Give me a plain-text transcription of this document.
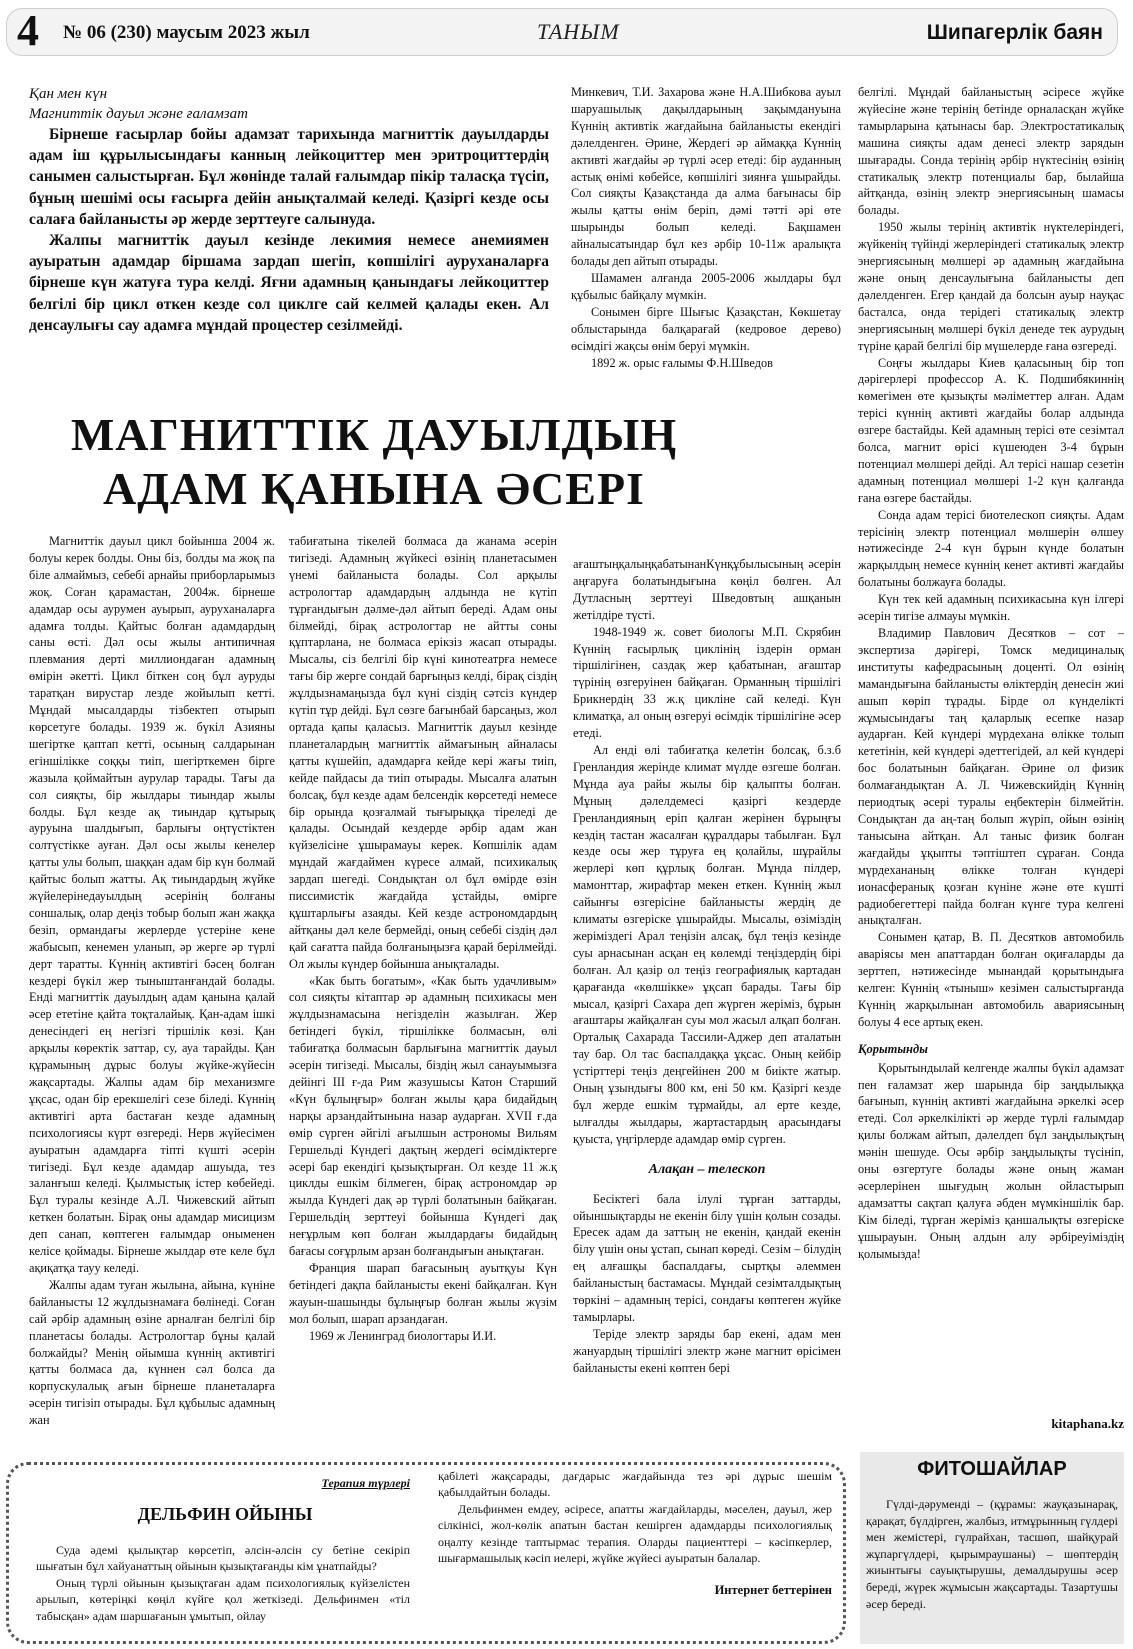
4 № 06 (230) маусым 2023 жыл	ТАНЫМ	Шипагерлік баян
Қан мен күн
Магниттік дауыл және ғаламзат

Бірнеше ғасырлар бойы адамзат тарихында магниттік дауылдарды адам іш құрылысындағы канның лейкоциттер мен эритроциттердің санымен салыстырған. Бұл жөнінде талай ғалымдар пікір таласқа түсіп, бұның шешімі осы ғасырға дейін анықталмай келеді. Қазіргі кезде осы салаға байланысты әр жерде зерттеуге салынуда.

Жалпы магниттік дауыл кезінде лекимия немесе анемиямен ауыратын адамдар біршама зардап шегіп, көпшілігі ауруханаларға бірнеше күн жатуға тура келді. Яғни адамның қанындағы лейкоциттер белгілі бір цикл өткен кезде сол циклге сай келмей қалады екен. Ал денсаулығы сау адамға мұндай процестер сезілмейді.

Минкевич, Т.И. Захарова және Н.А.Шибкова ауыл шаруашылық дақылдарының зақымдануына Күннің активтік жағдайына байланысты екендігі дәлелденген. Әрине, Жердегі әр аймаққа Күннің активті жағдайы әр түрлі әсер етеді: бір ауданның астық өнімі көбейсе, көпшілігі зиянға ұшырайды. Сол сияқты Қазақстанда да алма бағынасы бір жылы қатты өнім беріп, дәмі тәтті әрі өте шырынды болып келеді. Бақшамен айналысатындар бұл кез әрбір 10-11ж аралықта болады деп айтып отырады.

Шамамен алғанда 2005-2006 жылдары бұл құбылыс байқалу мүмкін.

Сонымен бірге Шығыс Қазақстан, Көкшетау облыстарында балқарағай (кедровое дерево) өсімдігі жақсы өнім беруі мүмкін.

1892 ж. орыс ғалымы Ф.Н.Шведов

МАГНИТТІК ДАУЫЛДЫҢ
АДАМ ҚАНЫНА ӘСЕРІ

Магниттік дауыл цикл бойынша 2004 ж. болуы керек болды. Оны біз, болды ма жоқ па біле алмаймыз, себебі арнайы приборларымыз жоқ. Соған қарамастан, 2004ж. бірнеше адамдар осы аурумен ауырып, ауруханаларға адамға толды. Қайтыс болған адамдардың саны өсті. Дәл осы жылы антипичная плевмания дерті миллиондаған адамның өмірін әкетті. Цикл біткен соң бұл ауруды таратқан вирустар лезде жойылып кетті. Мұндай мысалдарды тізбектеп отырып көрсетуге болады. 1939 ж. бүкіл Азияны шегіртке қаптап кетті, осының салдарынан егіншілікке соққы тиіп, шегірткемен бірге жазыла қоймайтын аурулар тарады. Тағы да сол сияқты, бір жылдары тиындар жылы болды. Бұл кезде ақ тиындар құтырық ауруына шалдығып, барлығы оңтүстіктен солтүстікке ауған. Дәл осы жылы кенелер қатты улы болып, шаққан адам бір күн болмай қайтыс болып жатты. Ақ тиындардың жүйке жүйелерінедауылдың әсерінің болғаны соншалық, олар деңіз тобыр болып жан жаққа безіп, ормандағы жерлерде үстеріне кене жабысып, кенемен уланып, әр жерге әр түрлі дерт таратты. Күннің активтігі бәсең болған кездері бүкіл жер тыныштанғандай болады. Енді магниттік дауылдың адам қанына қалай әсер ететіне қайта тоқталайық. Қан-адам ішкі денесіндегі ең негізгі тіршілік көзі. Қан арқылы көректік заттар, су, ауа тарайды. Қан құрамының дұрыс болуы жүйке-жүйесін жақсартады. Жалпы адам бір механизмге ұқсас, одан бір ерекшелігі сезе біледі. Күннің активтігі арта бастаған кезде адамның психологиясы күрт өзгереді. Нерв жүйесімен ауыратын адамдарға тіпті күшті әсерін тигізеді. Бұл кезде адамдар ашуыда, тез заланғыш келеді. Қылмыстық істер көбейеді. Бұл туралы кезінде А.Л. Чижевский айтып кеткен болатын. Бірақ оны адамдар мисицизм деп санап, көптеген ғалымдар оныменен келісе қоймады. Бірнеше жылдар өте келе бұл ақиқатқа тауу келеді.

Жалпы адам туған жылына, айына, күніне байланысты 12 жұлдызнамаға бөлінеді. Соған сай әрбір адамның өзіне арналған белгілі бір планетасы болады. Астрологтар бұны қалай болжайды? Менің ойымша күннің активтігі қатты болмаса да, күннен сәл болса да корпускулалық ағын бірнеше планеталарға әсерін тигізіп отырады. Бұл құбылыс адамның жан

табиғатына тікелей болмаса да жанама әсерін тигізеді. Адамның жүйкесі өзінің планетасымен үнемі байланыста болады. Сол арқылы астрологтар адамдардың алдында не күтіп тұрғандығын дәлме-дәл айтып береді. Адам оны білмейді, бірақ астрологтар не айтты соны құптарлана, не болмаса ерікзіз жасап отырады. Мысалы, сіз белгілі бір күні кинотеатрға немесе тағы бір жерге сондай барғыңыз келді, бірақ сіздің жұлдызнамаңызда бұл күні сіздің сәтсіз күндер күтіп тұр дейді. Бұл сөзге бағынбай барсаңыз, жол ортада қапы қаласыз. Магниттік дауыл кезінде планеталардың магниттік аймағының айналасы қатты күшейіп, адамдарға кейде кері жағы тиіп, кейде пайдасы да тиіп отырады. Мысалға алатын болсақ, бұл кезде адам белсендік көрсетеді немесе бір орында қозғалмай тығырыққа тіреледі де қалады. Осындай кездерде әрбір адам жан күйзелісіне ұшырамауы керек. Көпшілік адам мұндай жағдаймен күресе алмай, психикалық зардап шегеді. Сондықтан ол бұл өмірде өзін писсимистік жағдайда ұстайды, өмірге құштарлығы азаяды. Кей кезде астрономдардың айтқаны дәл келе бермейді, оның себебі сіздің дәл қай сағатта пайда болғаныңызға қарай берілмейді. Ол жылы күндер бойынша анықталады.

«Как быть богатым», «Как быть удачливым» сол сияқты кітаптар әр адамның психикасы мен жұлдызнамасына негізделін жазылған. Жер бетіндегі бүкіл, тіршілікке болмасын, өлі табиғатқа болмасын барлығына магниттік дауыл әсерін тигізеді. Мысалы, біздің жыл санауымызға дейінгі ІІІ ғ-да Рим жазушысы Катон Старший «Күн бұлыңғыр» болған жылы қара бидайдың нарқы арзандайтынына назар аударған. ХVІІ ғ.да өмір сүрген әйгілі ағылшын астрономы Вильям Гершельді Күндегі дақтың жердегі өсімдіктерге әсері бар екендігі қызықтырған. Ол кезде 11 ж.қ циклды ешкім білмеген, бірақ астрономдар әр жылда Күндегі дақ әр түрлі болатынын байқаған. Гершельдің зерттеуі бойынша Күндегі дақ неғұрлым көп болған жылдардағы бидайдың бағасы соғұрлым арзан болғандығын анықтаған.

Франция шарап бағасының ауытқуы Күн бетіндегі дақпа байланысты екені байқалған. Күн жауын-шашынды бұлыңғыр болған жылы жүзім мол болып, шарап арзандаған.

1969 ж Ленинград биологтары И.И.

ағаштыңқалыңқабатынанКүнқұбылысының әсерін аңғаруға болатындығына көңіл бөлген. Ал Дутласның зерттеуі Шведовтың ашқанын жетілдіре түсті.

1948-1949 ж. совет биологы М.П. Скрябин Күннің ғасырлық циклінің іздерін орман тіршілігінен, саздақ жер қабатынан, ағаштар түрінің өзгеруінен байқаған. Орманның тіршілігі Брикнердің 33 ж.қ цикліне сай келеді. Күн климатқа, ал оның өзгеруі өсімдік тіршілігіне әсер етеді.

Ал енді өлі табиғатқа келетін болсақ, б.з.б Гренландия жерінде климат мүлде өзгеше болған. Мұнда ауа райы жылы бір қалыпты болған. Мұның дәлелдемесі қазіргі кездерде Гренландияның еріп қалған жерінен бұрыңғы кездің тастан жасалған құралдары табылған. Бұл кезде осы жер тұруға ең қолайлы, шұрайлы жерлері көп құрлық болған. Мұнда пілдер, мамонттар, жирафтар мекен еткен. Күннің жыл сайынғы өзгерісіне байланысты жердің де климаты өзгеріске ұшырайды. Мысалы, өзіміздің жеріміздегі Арал теңізін алсақ, бұл теңіз кезінде суы арнасынан асқан ең көлемді теңіздердің бірі болған. Ал қазір ол теңіз географиялық картадан қарағанда «көлшікке» ұқсап барады. Тағы бір мысал, қазіргі Сахара деп жүрген жеріміз, бұрын ағаштары жайқалған суы мол жасыл алқап болған. Орталық Сахарада Тассили-Аджер деп аталатын тау бар. Ол тас баспалдаққа ұқсас. Оның кейбір үстірттері теңіз деңгейінен 200 м биікте жатыр. Оның ұзындығы 800 км, ені 50 км. Қазіргі кезде бұл жерде ешкім тұрмайды, ал ерте кезде, ылғалды жылдары, жартастардың арасындағы қуыста, үңгірлерде адамдар өмір сүрген.

Алақан – телескоп

Бесіктегі бала ілулі тұрған заттарды, ойыншықтарды не екенін білу үшін қолын созады. Ересек адам да заттың не екенін, қандай екенін білу үшін оны ұстап, сынап көреді. Сезім – білудің ең алғашқы баспалдағы, сыртқы әлеммен байланыстың бастамасы. Мұндай сезімталдықтың төркіні – адамның терісі, сондағы көптеген жүйке тамырлары.

Теріде электр заряды бар екені, адам мен жануардың тіршілігі электр және магнит өрісімен байланысты екені көптен бері

белгілі. Мұндай байланыстың әсіресе жүйке жүйесіне және терінің бетінде орналасқан жүйке тамырларына қатынасы бар. Электростатикалық машина сияқты адам денесі электр зарядын шығарады. Сонда терінің әрбір нүктесінің өзінің статикалық электр потенциалы бар, былайша айтқанда, өзінің электр энергиясының шамасы болады.

1950 жылы терінің активтік нүктелеріндегі, жүйкенің түйінді жерлеріндегі статикалық электр энергиясының мөлшері әр адамның жағдайына және оның денсаулығына байланысты деп дәлелденген. Егер қандай да болсын ауыр науқас басталса, онда терідегі статикалық электр энергиясының мөлшері бүкіл денеде тек аурудың түріне қарай белгілі бір мүшелерде ғана өзгереді.

Соңғы жылдары Киев қаласының бір топ дәрігерлері профессор А. К. Подшибякиннің көмегімен өте қызықты мәліметтер алған. Адам терісі күннің активті жағдайы болар алдында өзгере бастайды. Кей адамның терісі өте сезімтал болса, магнит өрісі күшеюден 3-4 бұрын потенциал мөлшері дейді. Ал терісі нашар сезетін адамның потенциал мөлшері 1-2 күн қалғанда ғана өзгере бастайды.

Сонда адам терісі биотелескоп сияқты. Адам терісінің электр потенциал мөлшерін өлшеу нәтижесінде 2-4 күн бұрын күнде болатын жарқылдың немесе күннің кенет активті жағдайы болатыны болжауға болады.

Күн тек кей адамның психикасына күн ілгері әсерін тигізе алмауы мүмкін.

Владимир Павлович Десятков – сот – экспертиза дәрігері, Томск медициналық институты кафедрасының доценті. Ол өзінің мамандығына байланысты өліктердің денесін жиі ашып көріп тұрады. Бірде ол күнделікті жұмысындағы таң қаларлық есепке назар аударған. Кей күндері мүрдеханa өлікке толып кететінін, кей күндері әдеттегідей, ал кей күндері бос болатынын байқаған. Әрине ол физик болмағандықтан А. Л. Чижевскийдің Күннің периодтық әсері туралы еңбектерін білмейтін. Сондықтан да аң-таң болып жүріп, ойын өзінің танысына айтқан. Ал таныс физик болған жағдайды ұқыпты тәптіштеп сұраған. Сонда мүрдехананың өлікке толған күндері ионасферанық қозған күніне және өте күшті радиобегеттері пайда болған күнге тура келгені анықталған.

Сонымен қатар, В. П. Десятков автомобиль аварiясы мен апаттардан болған оқиғаларды да зерттеп, нәтижесінде мынандай қорытындыға келген: Күннің «тыныш» кезімен салыстырғанда Күннің жарқылынан автомобиль авариясының болуы 4 есе артық екен.

Қорытынды

Қорытындылай келгенде жалпы бүкіл адамзат пен ғаламзат жер шарында бір заңдылыққа бағынып, күннің активті жағдайына әркелкі әсер етеді. Сол әркелкіліктi әр жерде түрлі ғалымдар қилы болжам айтып, дәлелдеп бұл заңдылықтың мәнін шешуде. Осы әрбір заңдылықты түсініп, оны өзгертуге болады және оның жаман әсерлерінен шығудың жолын ойластырып адамзатты сақтап қалуға әбден мүмкіншілік бар. Кім біледі, тұрған жеріміз қаншалықты өзгеріске ұшырауын. Оның алдын алу әрбіреуіміздің қолымызда!

kitaphana.kz
Терапия түрлері
ДЕЛЬФИН ОЙЫНЫ

Суда әдемі қылықтар көрсетіп, әлсін-әлсін су бетіне секіріп шығатын бұл хайуанаттың ойынын қызықтағанды кім ұнатпайды?

Оның түрлі ойынын қызықтаған адам психологиялық күйзелістен арылып, көтеріңкі көңіл күйге қол жеткізеді. Дельфинмен «тіл табысқан» адам шаршағанын ұмытып, ойлау

қабілеті жақсарады, дағдарыс жағдайында тез әрі дұрыс шешім қабылдайтын болады.

Дельфинмен емдеу, әсіресе, апатты жағдайларды, мәселен, дауыл, жер сілкінісі, жол-көлік апатын бастан кешірген адамдарды психологиялық оңалту кезінде таптырмас терапия. Оларды пациенттері – кәсіпкерлер, шығармашылық кәсіп иелері, жүйке жүйесі ауыратын балалар.

Интернет беттерінен
ФИТОШАЙЛАР

Гүлді-дәрумендi – (құрамы: жауқазынарақ, қарақат, бүлдірген, жалбыз, итмұрынның гүлдері мен жемістері, гүлрайхан, тасшөп, шайқурай жұпаргүлдері, қырымраушаны) – шөптердің жиынтығы сауықтырушы, демалдырушы әсер береді, жүрек жұмысын жақсартады. Тазартушы әсер береді.
